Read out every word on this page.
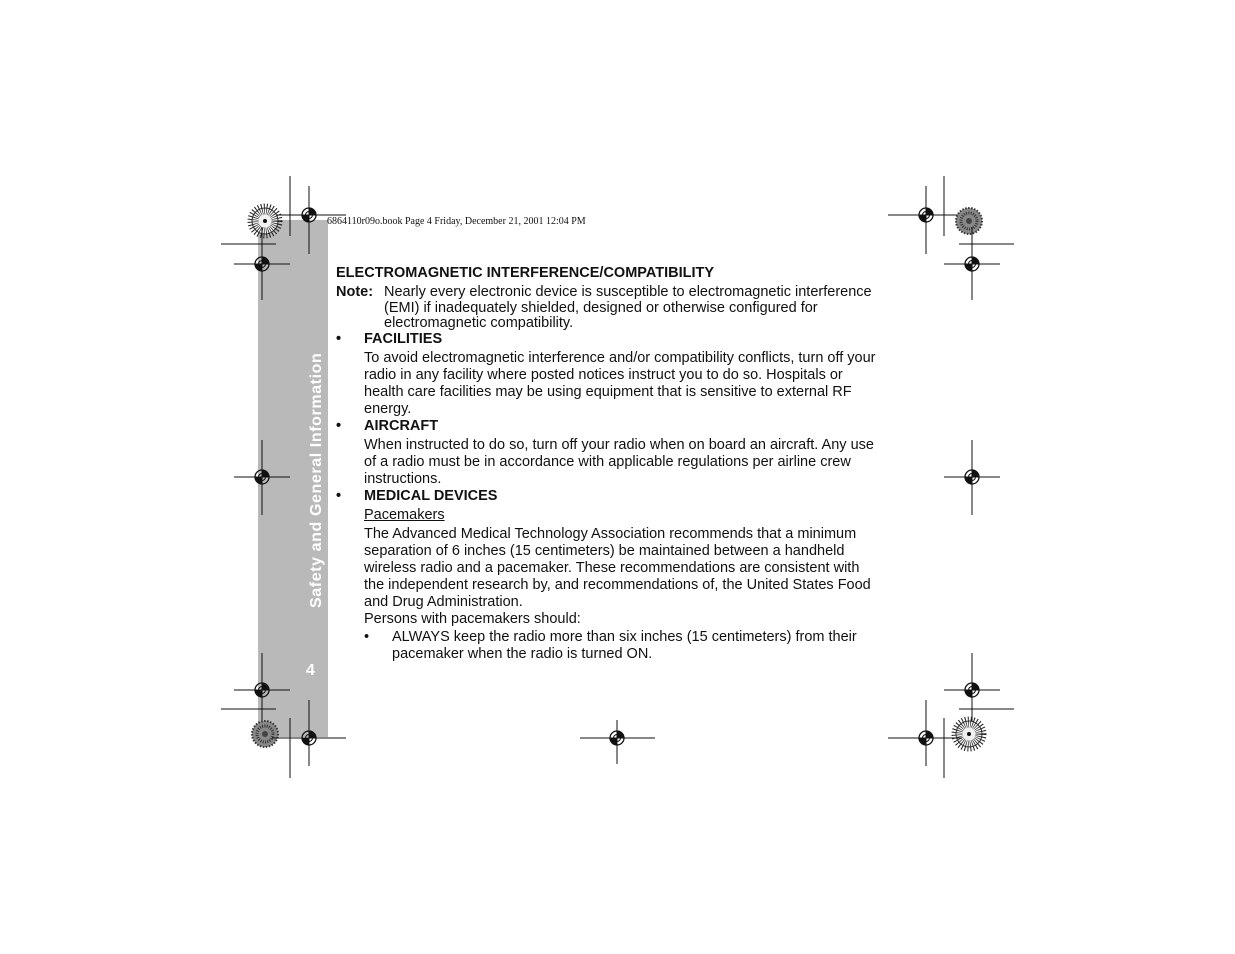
Safety and General Information
4
6864110r09o.book Page 4 Friday, December 21, 2001 12:04 PM
ELECTROMAGNETIC INTERFERENCE/COMPATIBILITY
Note: Nearly every electronic device is susceptible to electromagnetic interference
(EMI) if inadequately shielded, designed or otherwise configured for
electromagnetic compatibility.
• FACILITIES
To avoid electromagnetic interference and/or compatibility conflicts, turn off your
radio in any facility where posted notices instruct you to do so. Hospitals or
health care facilities may be using equipment that is sensitive to external RF
energy.
• AIRCRAFT
When instructed to do so, turn off your radio when on board an aircraft. Any use
of a radio must be in accordance with applicable regulations per airline crew
instructions.
• MEDICAL DEVICES
Pacemakers
The Advanced Medical Technology Association recommends that a minimum
separation of 6 inches (15 centimeters) be maintained between a handheld
wireless radio and a pacemaker. These recommendations are consistent with
the independent research by, and recommendations of, the United States Food
and Drug Administration.
Persons with pacemakers should:
• ALWAYS keep the radio more than six inches (15 centimeters) from their
pacemaker when the radio is turned ON.
